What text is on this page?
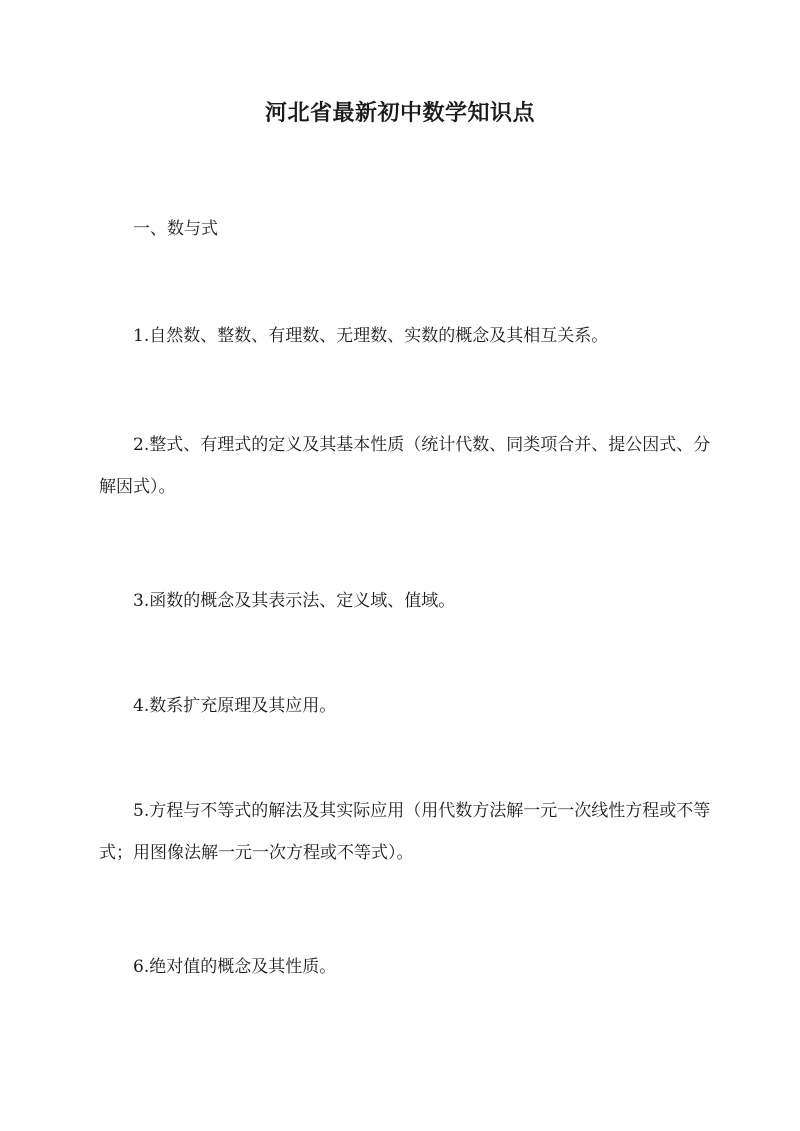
河北省最新初中数学知识点

一、数与式

1.自然数、整数、有理数、无理数、实数的概念及其相互关系。

2.整式、有理式的定义及其基本性质（统计代数、同类项合并、提公因式、分解因式）。

3.函数的概念及其表示法、定义域、值域。

4.数系扩充原理及其应用。

5.方程与不等式的解法及其实际应用（用代数方法解一元一次线性方程或不等式；用图像法解一元一次方程或不等式）。

6.绝对值的概念及其性质。
